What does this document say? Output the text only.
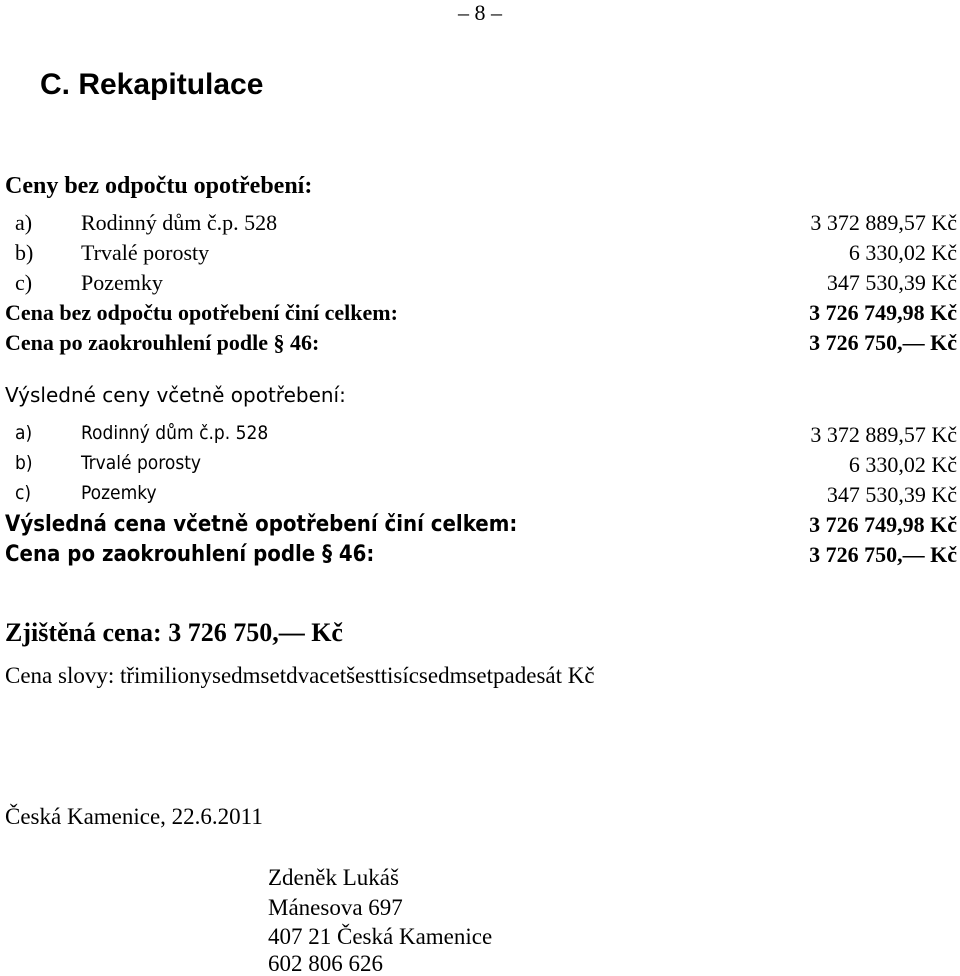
– 8 –
C. Rekapitulace
Ceny bez odpočtu opotřebení:
a) Rodinný dům č.p. 528	3 372 889,57 Kč
b) Trvalé porosty	6 330,02 Kč
c) Pozemky	347 530,39 Kč
Cena bez odpočtu opotřebení činí celkem:	3 726 749,98 Kč
Cena po zaokrouhlení podle § 46:	3 726 750,— Kč
Výsledné ceny včetně opotřebení:
a)	Rodinný dům č.p. 528	3 372 889,57 Kč
b)	Trvalé porosty	6 330,02 Kč
c)	Pozemky	347 530,39 Kč
Výsledná cena včetně opotřebení činí celkem:	3 726 749,98 Kč
Cena po zaokrouhlení podle § 46:	3 726 750,— Kč
Zjištěná cena: 3 726 750,— Kč
Cena slovy: třimilionysedmsetdvacetšesttisícsedmsetpadesát Kč
Česká Kamenice, 22.6.2011
Zdeněk Lukáš
Mánesova 697
407 21 Česká Kamenice
602 806 626
